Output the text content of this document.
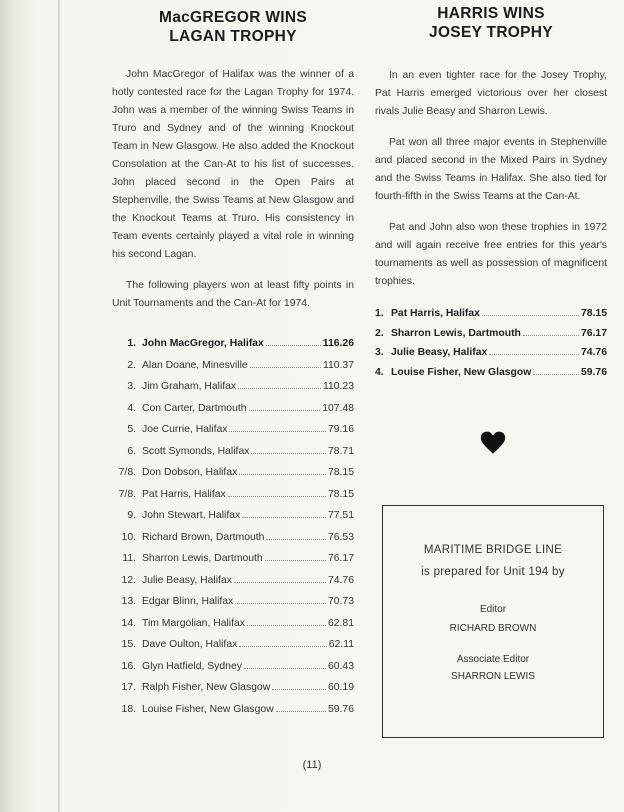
MacGREGOR WINS
LAGAN TROPHY

John MacGregor of Halifax was the winner of a hotly contested race for the Lagan Trophy for 1974. John was a member of the winning Swiss Teams in Truro and Sydney and of the winning Knockout Team in New Glasgow. He also added the Knockout Consolation at the Can-At to his list of successes. John placed second in the Open Pairs at Stephenville, the Swiss Teams at New Glasgow and the Knockout Teams at Truro. His consistency in Team events certainly played a vital role in winning his second Lagan.

The following players won at least fifty points in Unit Tournaments and the Can-At for 1974.

1. John MacGregor, Halifax	116.26
2. Alan Doane, Minesville	110.37
3. Jim Graham, Halifax	110.23
4. Con Carter, Dartmouth	107.48
5. Joe Currie, Halifax	79.16
6. Scott Symonds, Halifax	78.71
7/8. Don Dobson, Halifax	78.15
7/8. Pat Harris, Halifax	78.15
9. John Stewart, Halifax	77.51
10. Richard Brown, Dartmouth	76.53
11. Sharron Lewis, Dartmouth	76.17
12. Julie Beasy, Halifax	74.76
13. Edgar Blinn, Halifax	70.73
14. Tim Margolian, Halifax	62.81
15. Dave Oulton, Halifax	62.11
16. Glyn Hatfield, Sydney	60.43
17. Ralph Fisher, New Glasgow	60.19
18. Louise Fisher, New Glasgow	59.76
HARRIS WINS
JOSEY TROPHY

In an even tighter race for the Josey Trophy, Pat Harris emerged victorious over her closest rivals Julie Beasy and Sharron Lewis.

Pat won all three major events in Stephenville and placed second in the Mixed Pairs in Sydney and the Swiss Teams in Halifax. She also tied for fourth-fifth in the Swiss Teams at the Can-At.

Pat and John also won these trophies in 1972 and will again receive free entries for this year's tournaments as well as possession of magnificent trophies.

1. Pat Harris, Halifax	78.15
2. Sharron Lewis, Dartmouth	76.17
3. Julie Beasy, Halifax	74.76
4. Louise Fisher, New Glasgow	59.76
MARITIME BRIDGE LINE
is prepared for Unit 194 by
Editor
RICHARD BROWN
Associate Editor
SHARRON LEWIS
(11)
